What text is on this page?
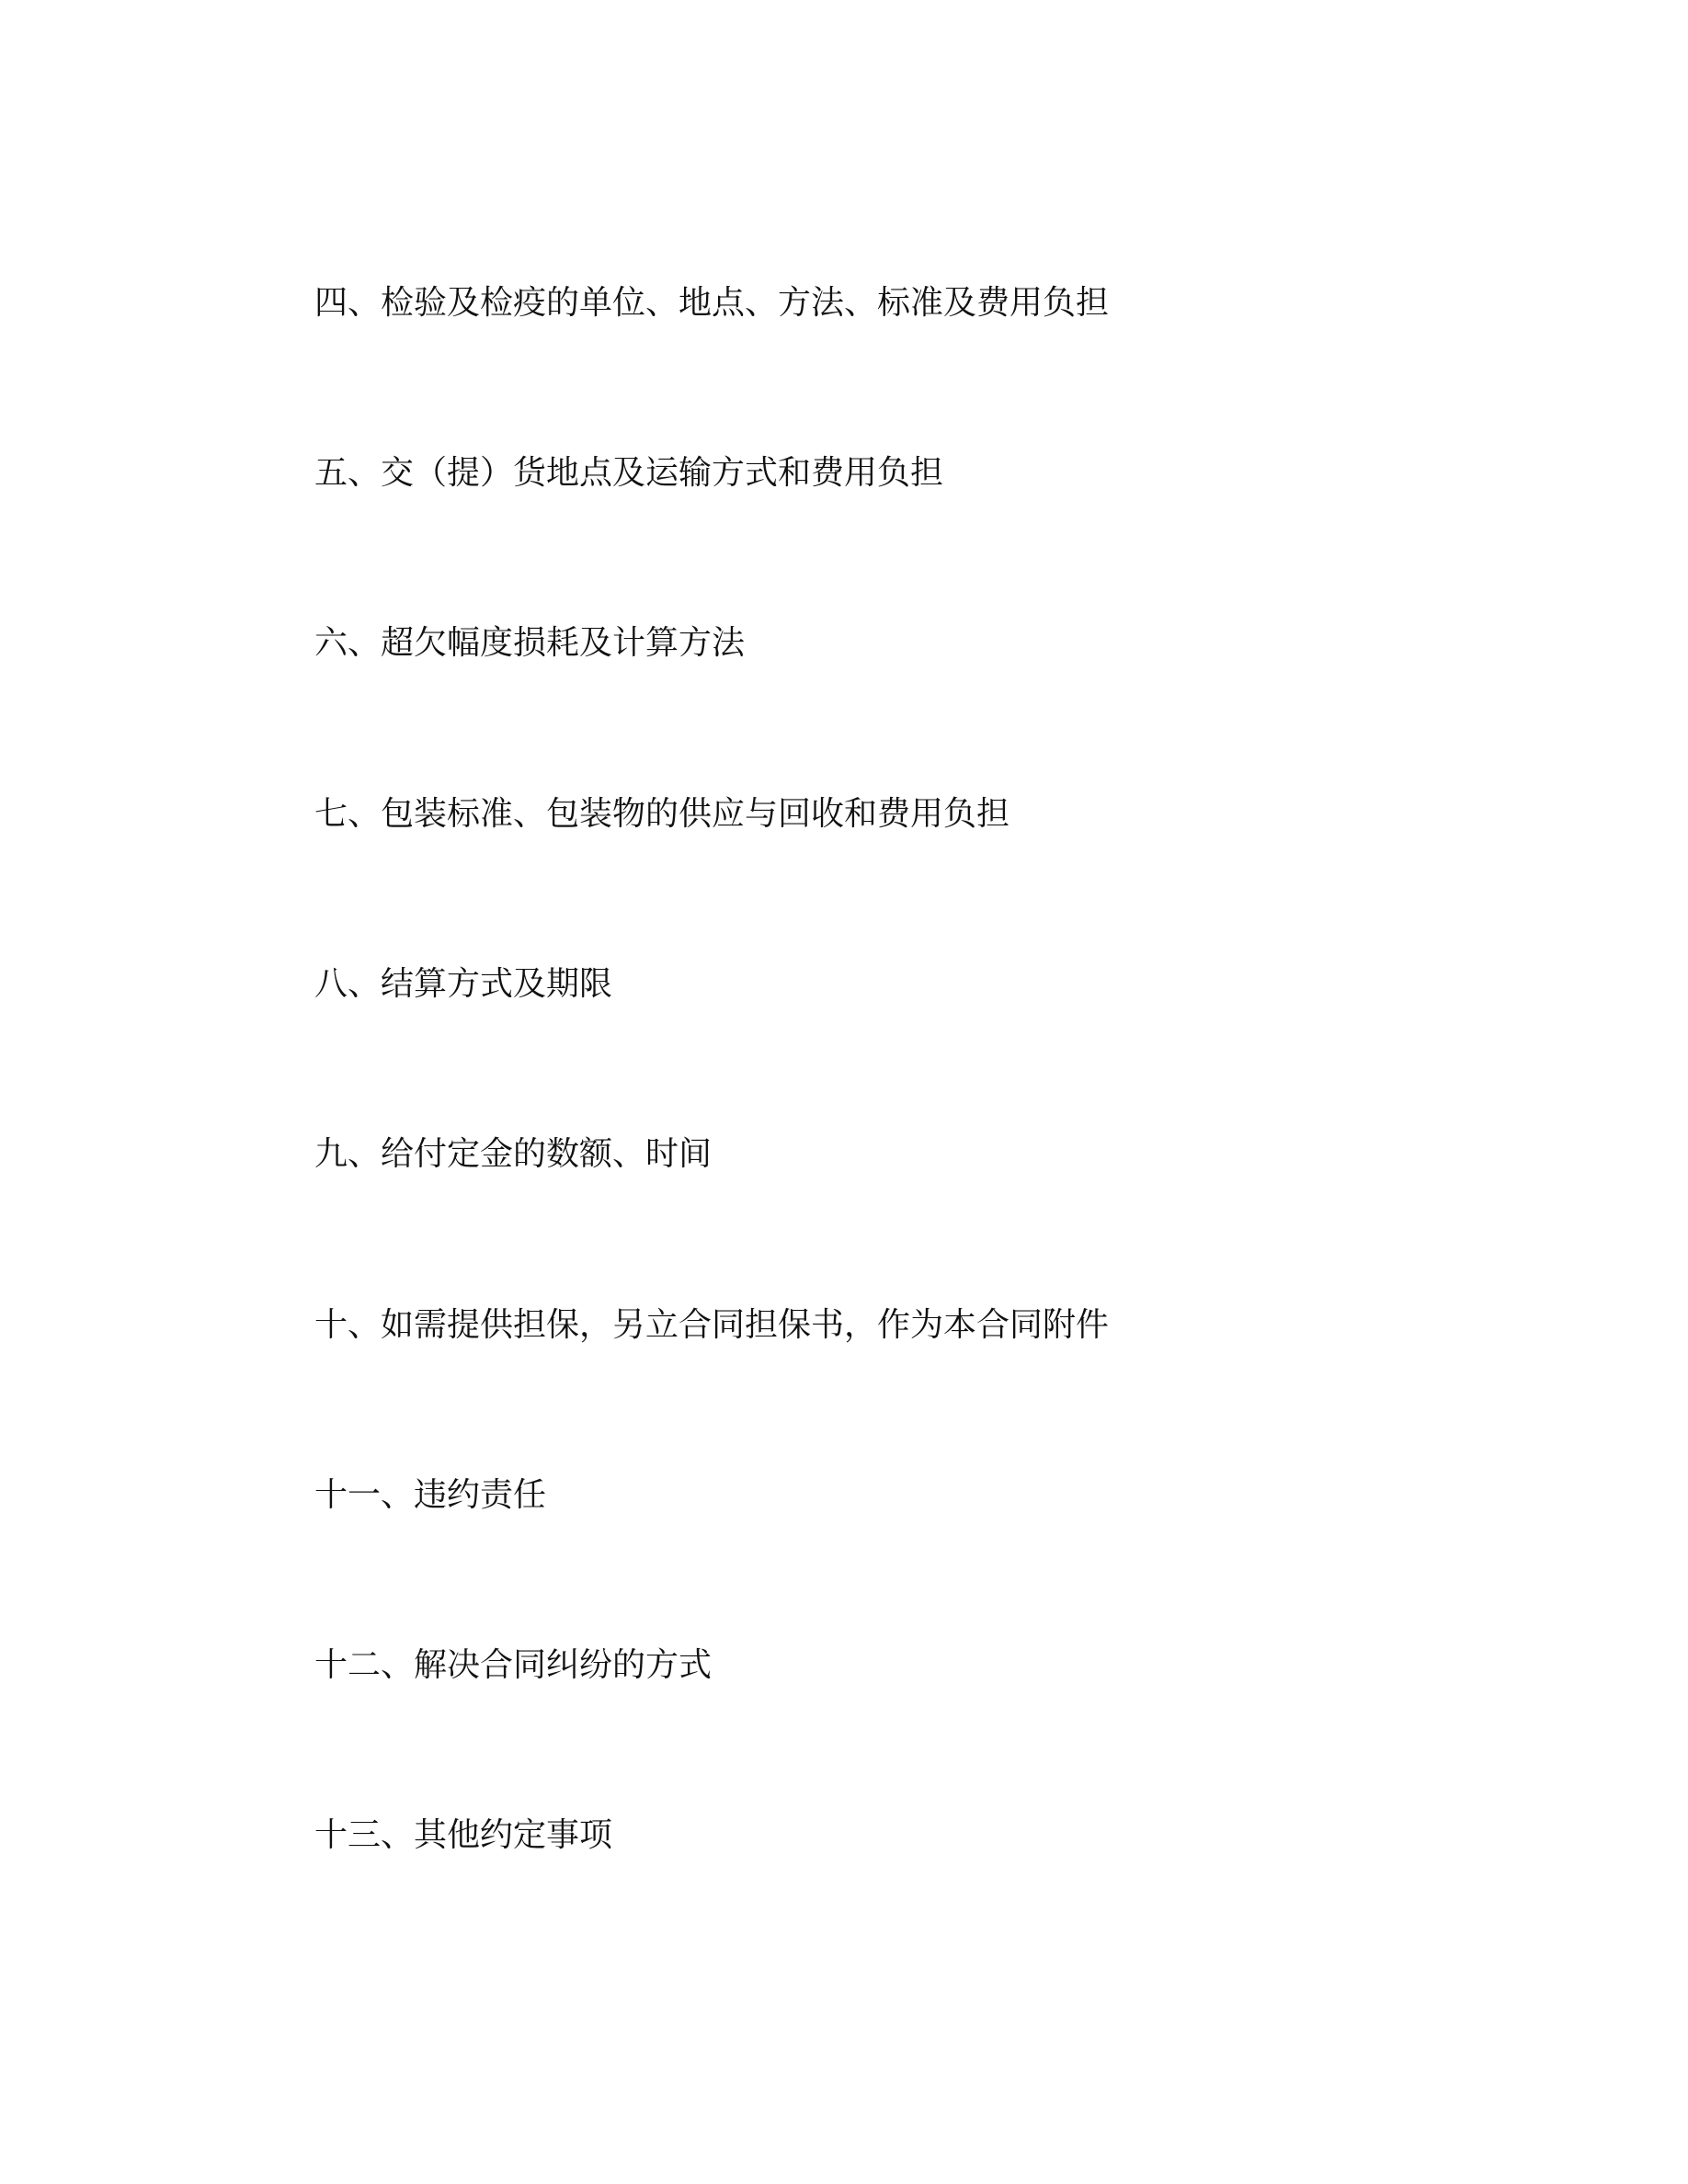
四、检验及检疫的单位、地点、方法、标准及费用负担

五、交（提）货地点及运输方式和费用负担

六、超欠幅度损耗及计算方法

七、包装标准、包装物的供应与回收和费用负担

八、结算方式及期限

九、给付定金的数额、时间

十、如需提供担保，另立合同担保书，作为本合同附件

十一、违约责任

十二、解决合同纠纷的方式

十三、其他约定事项
